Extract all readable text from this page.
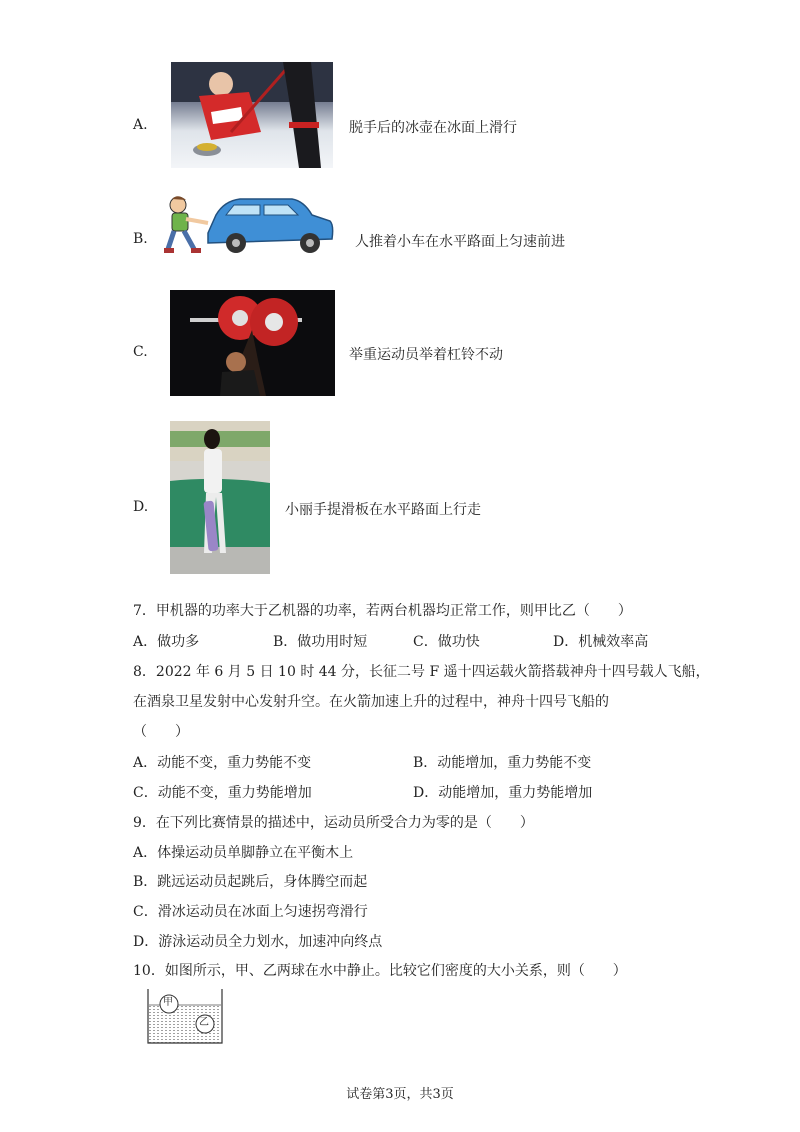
A.	脱手后的冰壶在冰面上滑行
B.	人推着小车在水平路面上匀速前进
C.	举重运动员举着杠铃不动
D.	小丽手提滑板在水平路面上行走
7．甲机器的功率大于乙机器的功率，若两台机器均正常工作，则甲比乙（　　）
A．做功多	B．做功用时短	C．做功快	D．机械效率高
8．2022 年 6 月 5 日 10 时 44 分，长征二号 F 遥十四运载火箭搭载神舟十四号载人飞船，
在酒泉卫星发射中心发射升空。在火箭加速上升的过程中，神舟十四号飞船的
（　　）
A．动能不变，重力势能不变	B．动能增加，重力势能不变
C．动能不变，重力势能增加	D．动能增加，重力势能增加
9．在下列比赛情景的描述中，运动员所受合力为零的是（　　）
A．体操运动员单脚静立在平衡木上
B．跳远运动员起跳后，身体腾空而起
C．滑冰运动员在冰面上匀速拐弯滑行
D．游泳运动员全力划水，加速冲向终点
10．如图所示，甲、乙两球在水中静止。比较它们密度的大小关系，则（　　）
甲
乙
试卷第3页，共3页
